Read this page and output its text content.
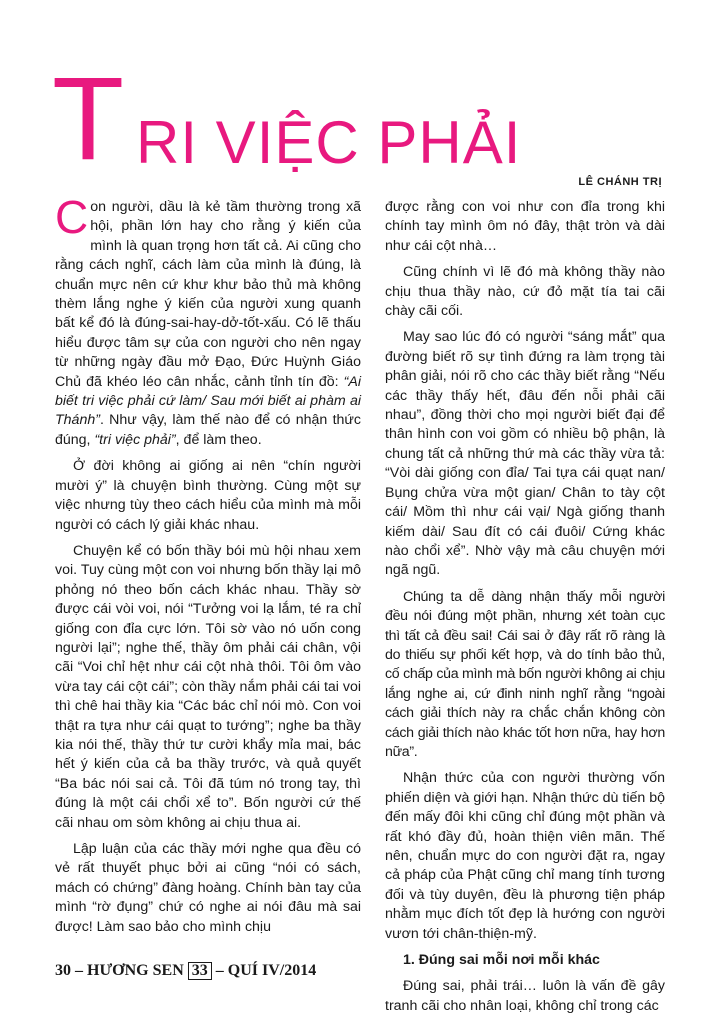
T RI VIỆC PHẢI
LÊ CHÁNH TRỊ

Con người, dầu là kẻ tầm thường trong xã hội, phần lớn hay cho rằng ý kiến của mình là quan trọng hơn tất cả. Ai cũng cho rằng cách nghĩ, cách làm của mình là đúng, là chuẩn mực nên cứ khư khư bảo thủ mà không thèm lắng nghe ý kiến của người xung quanh bất kể đó là đúng-sai-hay-dở-tốt-xấu. Có lẽ thấu hiểu được tâm sự của con người cho nên ngay từ những ngày đầu mở Đạo, Đức Huỳnh Giáo Chủ đã khéo léo cân nhắc, cảnh tỉnh tín đồ: “Ai biết tri việc phải cứ làm/ Sau mới biết ai phàm ai Thánh”. Như vậy, làm thế nào để có nhận thức đúng, “tri việc phải”, để làm theo.

Ở đời không ai giống ai nên “chín người mười ý” là chuyện bình thường. Cùng một sự việc nhưng tùy theo cách hiểu của mình mà mỗi người có cách lý giải khác nhau.

Chuyện kể có bốn thầy bói mù hội nhau xem voi. Tuy cùng một con voi nhưng bốn thầy lại mô phỏng nó theo bốn cách khác nhau. Thầy sờ được cái vòi voi, nói “Tưởng voi lạ lắm, té ra chỉ giống con đỉa cực lớn. Tôi sờ vào nó uốn cong người lại”; nghe thế, thầy ôm phải cái chân, vội cãi “Voi chỉ hệt như cái cột nhà thôi. Tôi ôm vào vừa tay cái cột cái”; còn thầy nắm phải cái tai voi thì chê hai thầy kia “Các bác chỉ nói mò. Con voi thật ra tựa như cái quạt to tướng”; nghe ba thầy kia nói thế, thầy thứ tư cười khẩy mỉa mai, bác hết ý kiến của cả ba thầy trước, và quả quyết “Ba bác nói sai cả. Tôi đã túm nó trong tay, thì đúng là một cái chổi xể to”. Bốn người cứ thế cãi nhau om sòm không ai chịu thua ai.

Lập luận của các thầy mới nghe qua đều có vẻ rất thuyết phục bởi ai cũng “nói có sách, mách có chứng” đàng hoàng. Chính bàn tay của mình “rờ đụng” chứ có nghe ai nói đâu mà sai được! Làm sao bảo cho mình chịu

được rằng con voi như con đỉa trong khi chính tay mình ôm nó đây, thật tròn và dài như cái cột nhà…

Cũng chính vì lẽ đó mà không thầy nào chịu thua thầy nào, cứ đỏ mặt tía tai cãi chày cãi cối.

May sao lúc đó có người “sáng mắt” qua đường biết rõ sự tình đứng ra làm trọng tài phân giải, nói rõ cho các thầy biết rằng “Nếu các thầy thấy hết, đâu đến nỗi phải cãi nhau”, đồng thời cho mọi người biết đại để thân hình con voi gồm có nhiều bộ phận, là chung tất cả những thứ mà các thầy vừa tả: “Vòi dài giống con đỉa/ Tai tựa cái quạt nan/ Bụng chửa vừa một gian/ Chân to tày cột cái/ Mồm thì như cái vại/ Ngà giống thanh kiếm dài/ Sau đít có cái đuôi/ Cứng khác nào chổi xể”. Nhờ vậy mà câu chuyện mới ngã ngũ.

Chúng ta dễ dàng nhận thấy mỗi người đều nói đúng một phần, nhưng xét toàn cục thì tất cả đều sai! Cái sai ở đây rất rõ ràng là do thiếu sự phối kết hợp, và do tính bảo thủ, cố chấp của mình mà bốn người không ai chịu lắng nghe ai, cứ đinh ninh nghĩ rằng “ngoài cách giải thích này ra chắc chắn không còn cách giải thích nào khác tốt hơn nữa, hay hơn nữa”.

Nhận thức của con người thường vốn phiến diện và giới hạn. Nhận thức dù tiến bộ đến mấy đôi khi cũng chỉ đúng một phần và rất khó đầy đủ, hoàn thiện viên mãn. Thế nên, chuẩn mực do con người đặt ra, ngay cả pháp của Phật cũng chỉ mang tính tương đối và tùy duyên, đều là phương tiện pháp nhằm mục đích tốt đẹp là hướng con người vươn tới chân-thiện-mỹ.

1. Đúng sai mỗi nơi mỗi khác

Đúng sai, phải trái… luôn là vấn đề gây tranh cãi cho nhân loại, không chỉ trong các

30 – HƯƠNG SEN 33 – QUÍ IV/2014
